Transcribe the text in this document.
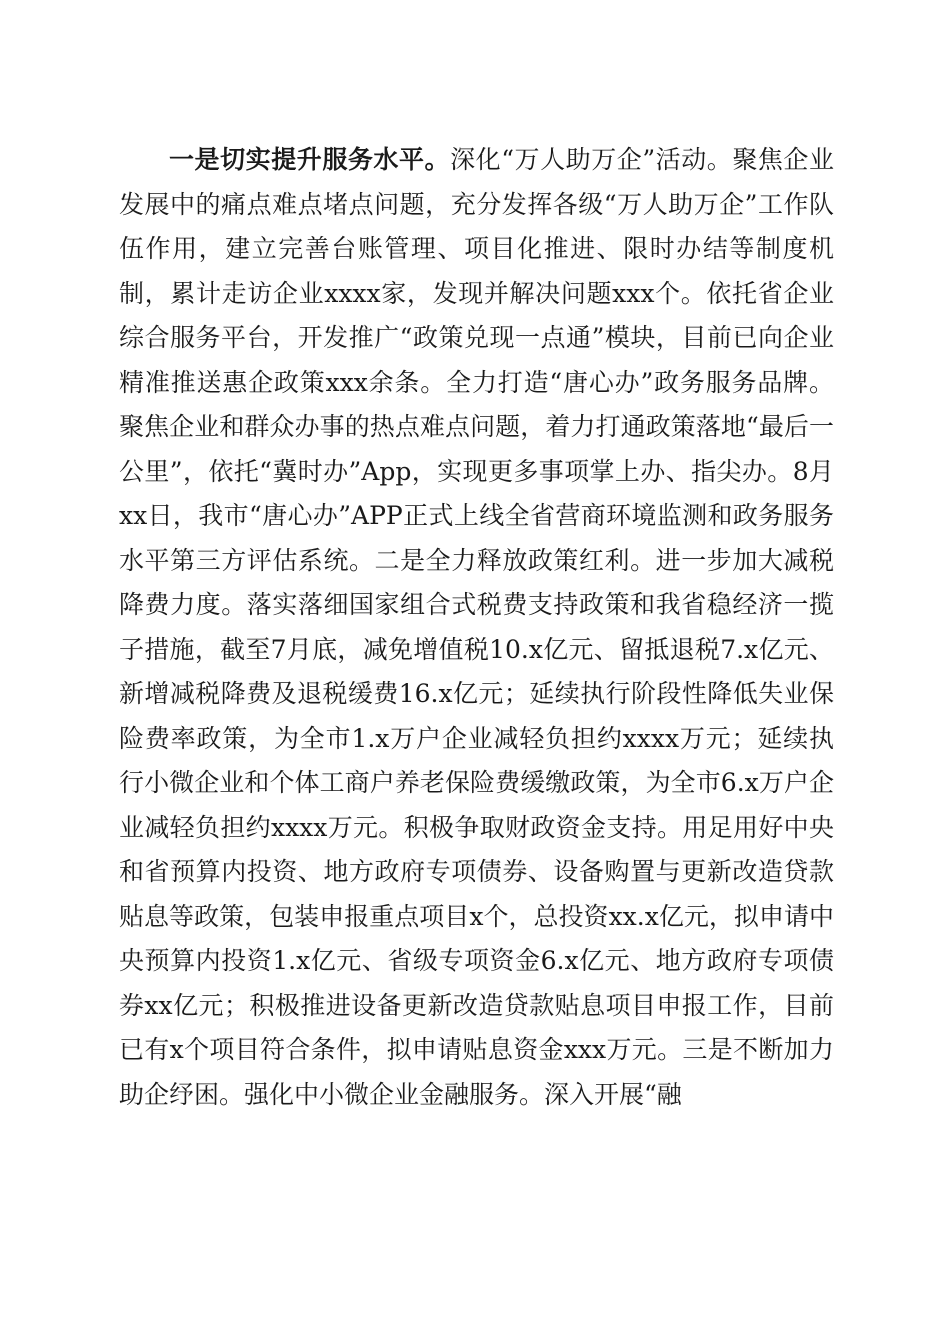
一是切实提升服务水平。深化“万人助万企”活动。聚焦企业发展中的痛点难点堵点问题，充分发挥各级“万人助万企”工作队伍作用，建立完善台账管理、项目化推进、限时办结等制度机制，累计走访企业xxxx家，发现并解决问题xxx个。依托省企业综合服务平台，开发推广“政策兑现一点通”模块，目前已向企业精准推送惠企政策xxx余条。全力打造“唐心办”政务服务品牌。聚焦企业和群众办事的热点难点问题，着力打通政策落地“最后一公里”，依托“冀时办”App，实现更多事项掌上办、指尖办。8月xx日，我市“唐心办”APP正式上线全省营商环境监测和政务服务水平第三方评估系统。二是全力释放政策红利。进一步加大减税降费力度。落实落细国家组合式税费支持政策和我省稳经济一揽子措施，截至7月底，减免增值税10.x亿元、留抵退税7.x亿元、新增减税降费及退税缓费16.x亿元；延续执行阶段性降低失业保险费率政策，为全市1.x万户企业减轻负担约xxxx万元；延续执行小微企业和个体工商户养老保险费缓缴政策，为全市6.x万户企业减轻负担约xxxx万元。积极争取财政资金支持。用足用好中央和省预算内投资、地方政府专项债券、设备购置与更新改造贷款贴息等政策，包装申报重点项目x个，总投资xx.x亿元，拟申请中央预算内投资1.x亿元、省级专项资金6.x亿元、地方政府专项债券xx亿元；积极推进设备更新改造贷款贴息项目申报工作，目前已有x个项目符合条件，拟申请贴息资金xxx万元。三是不断加力助企纾困。强化中小微企业金融服务。深入开展“融
